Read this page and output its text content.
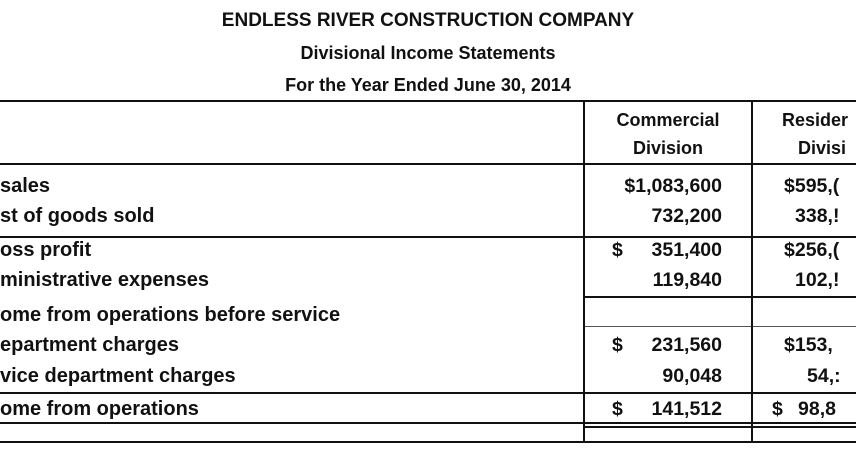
ENDLESS RIVER CONSTRUCTION COMPANY
Divisional Income Statements
For the Year Ended June 30, 2014
Commercial
Division
Resider
Divisi
sales	$1,083,600	$595,(
st of goods sold	732,200	338,!
oss profit	$	351,400	$256,(
ministrative expenses	119,840	102,!
ome from operations before service
epartment charges	$	231,560	$153,
vice department charges	90,048	54,:
ome from operations	$	141,512	$ 98,8
